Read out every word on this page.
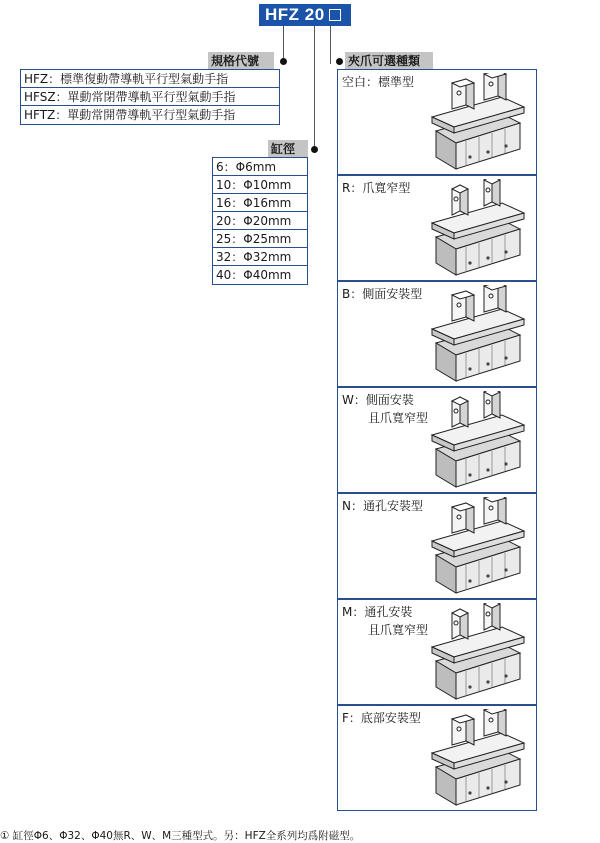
HFZ 20
規格代號
HFZ：標準復動帶導軌平行型氣動手指
HFSZ：單動常閉帶導軌平行型氣動手指
HFTZ：單動常開帶導軌平行型氣動手指
缸徑
6：Φ6mm
10：Φ10mm
16：Φ16mm
20：Φ20mm
25：Φ25mm
32：Φ32mm
40：Φ40mm
夾爪可選種類
空白：標準型
R：爪寬窄型
B：側面安裝型
W：側面安裝
且爪寬窄型
N：通孔安裝型
M：通孔安裝
且爪寬窄型
F：底部安裝型
① 缸徑Φ6、Φ32、Φ40無R、W、M三種型式。另：HFZ全系列均爲附磁型。
